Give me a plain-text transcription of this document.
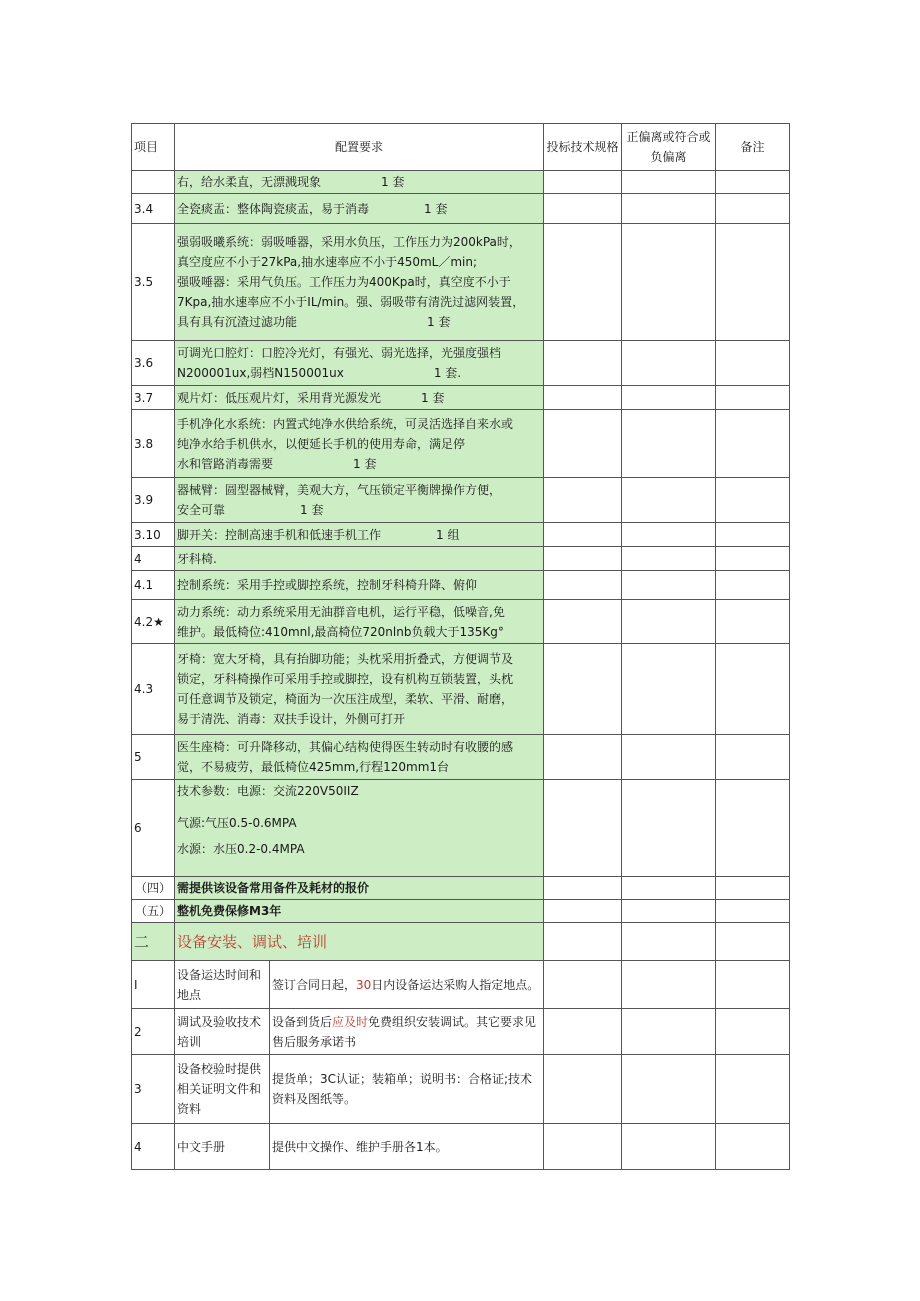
项目	配置要求		投标技术规格	正偏离或符合或负偏离	备注
	右，给水柔直，无漂溅现象 1 套				
3.4	全瓷痰盂：整体陶瓷痰盂，易于消毒 1 套				
3.5	强弱吸曦系统：弱吸唾器，采用水负压，工作压力为200kPa时，
真空度应不小于27kPa,抽水速率应不小于450mL／min;
强吸唾器：采用气负压。工作压力为400Kpa时，真空度不小于
7Kpa,抽水速率应不小于IL/min。强、弱吸带有清洗过滤网装置，
具有具有沉渣过滤功能 1 套				

3.6	可调光口腔灯：口腔冷光灯，有强光、弱光选择，光强度强档
N200001ux,弱档N150001ux 1 套.				

3.7	观片灯：低压观片灯，采用背光源发光 1 套				
3.8	手机净化水系统：内置式纯净水供给系统，可灵活选择自来水或
纯净水给手机供水，以便延长手机的使用寿命，满足停
水和管路消毒需要 1 套				

3.9	器械臂：圆型器械臂，美观大方，气压锁定平衡牌操作方便，
安全可靠 1 套				

3.10	脚开关：控制高速手机和低速手机工作 1 组				
4	牙科椅.				
4.1	控制系统：采用手控或脚控系统，控制牙科椅升降、俯仰				
4.2★	动力系统：动力系统采用无油群音电机，运行平稳，低噪音,免
维护。最低椅位:410mnl,最高椅位720nlnb负载大于135Kg°				

4.3	牙椅：宽大牙椅，具有抬脚功能；头枕采用折叠式，方便调节及
锁定，牙科椅操作可采用手控或脚控，设有机构互锁装置，头枕
可任意调节及锁定，椅面为一次压注成型，柔软、平滑、耐磨，
易于清洗、消毒：双扶手设计，外侧可打开				

5	医生座椅：可升降移动，其偏心结构使得医生转动时有收腰的感
觉，不易疲劳，最低椅位425mm,行程120mm1台				

6	技术参数：电源：交流220V50IIZ
气源:气压0.5-0.6MPA
水源：水压0.2-0.4MPA				

（四）	需提供该设备常用备件及耗材的报价				
（五）	整机免费保修M3年				
二	设备安装、调试、培训				
I	设备运达时间和地点	签订合同日起，30日内设备运达采购人指定地点。			
2	调试及验收技术培训	设备到货后应及时免费组织安装调试。其它要求见售后服务承诺书			
3	设备校验时提供相关证明文件和资料	提货单；3C认证；装箱单；说明书：合格证;技术资料及图纸等。			
4	中文手册	提供中文操作、维护手册各1本。			
